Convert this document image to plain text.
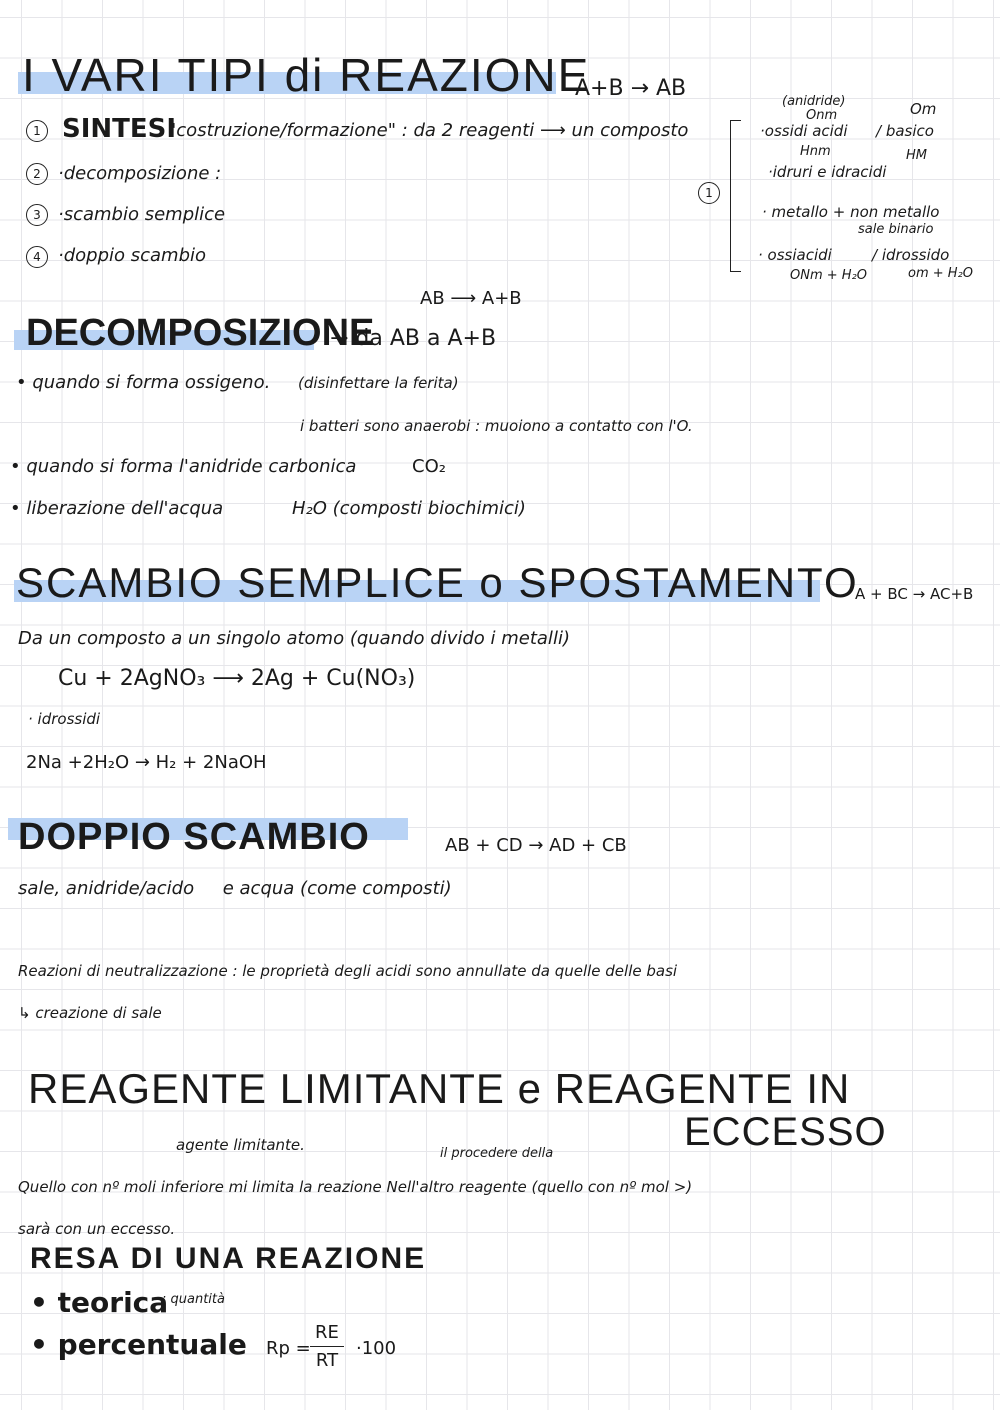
I VARI TIPI di REAZIONE
A+B → AB
1 SINTESI
"costruzione/formazione" : da 2 reagenti ⟶ un composto
2 ·decomposizione :
3 ·scambio semplice
4 ·doppio scambio
1
(anidride)
Onm	Om
·ossidi acidi / basico
Hnm	HM
·idruri e idracidi
· metallo + non metallo
sale binario
· ossiacidi	/ idrossido
ONm + H₂O	om + H₂O
AB ⟶ A+B
DECOMPOSIZIONE
→ da AB a A+B
• quando si forma ossigeno. (disinfettare la ferita)
i batteri sono anaerobi : muoiono a contatto con l'O.
• quando si forma l'anidride carbonica	CO₂
• liberazione dell'acqua	H₂O (composti biochimici)
SCAMBIO SEMPLICE o SPOSTAMENTO
A + BC → AC+B
Da un composto a un singolo atomo (quando divido i metalli)
Cu + 2AgNO₃ ⟶ 2Ag + Cu(NO₃)
· idrossidi
2Na +2H₂O → H₂ + 2NaOH
DOPPIO SCAMBIO	AB + CD → AD + CB
sale, anidride/acido     e acqua (come composti)
Reazioni di neutralizzazione : le proprietà degli acidi sono annullate da quelle delle basi
↳ creazione di sale
REAGENTE LIMITANTE e REAGENTE IN
ECCESSO
agente limitante.	il procedere della
Quello con nº moli inferiore mi limita la reazione Nell'altro reagente (quello con nº mol >)
sarà con un eccesso.
RESA DI UNA REAZIONE
• teorica
: quantità
• percentuale Rp =
RE
RT
·100
